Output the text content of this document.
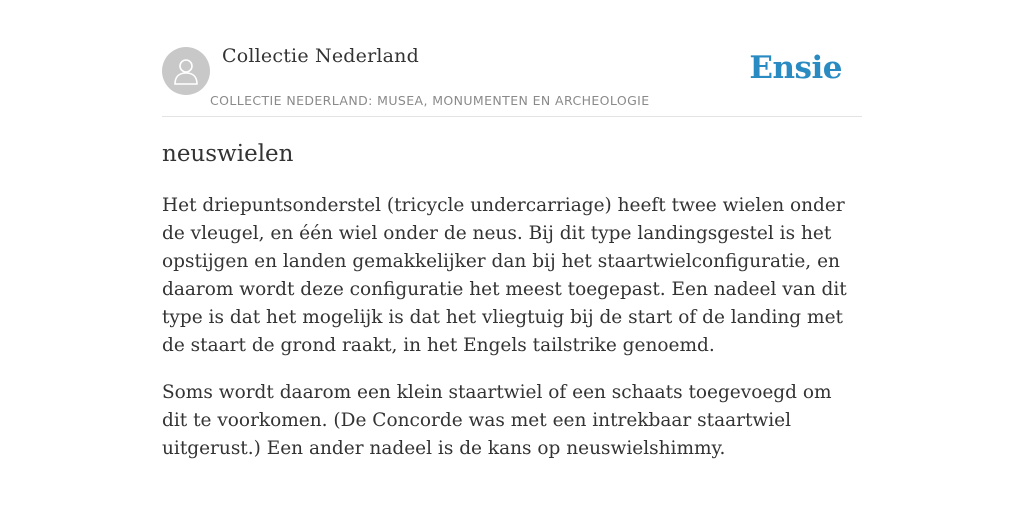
Collectie Nederland
COLLECTIE NEDERLAND: MUSEA, MONUMENTEN EN ARCHEOLOGIE
Ensie
neuswielen

Het driepuntsonderstel (tricycle undercarriage) heeft twee wielen onder de vleugel, en één wiel onder de neus. Bij dit type landingsgestel is het opstijgen en landen gemakkelijker dan bij het staartwielconfiguratie, en daarom wordt deze configuratie het meest toegepast. Een nadeel van dit type is dat het mogelijk is dat het vliegtuig bij de start of de landing met de staart de grond raakt, in het Engels tailstrike genoemd.

Soms wordt daarom een klein staartwiel of een schaats toegevoegd om dit te voorkomen. (De Concorde was met een intrekbaar staartwiel uitgerust.) Een ander nadeel is de kans op neuswielshimmy.
